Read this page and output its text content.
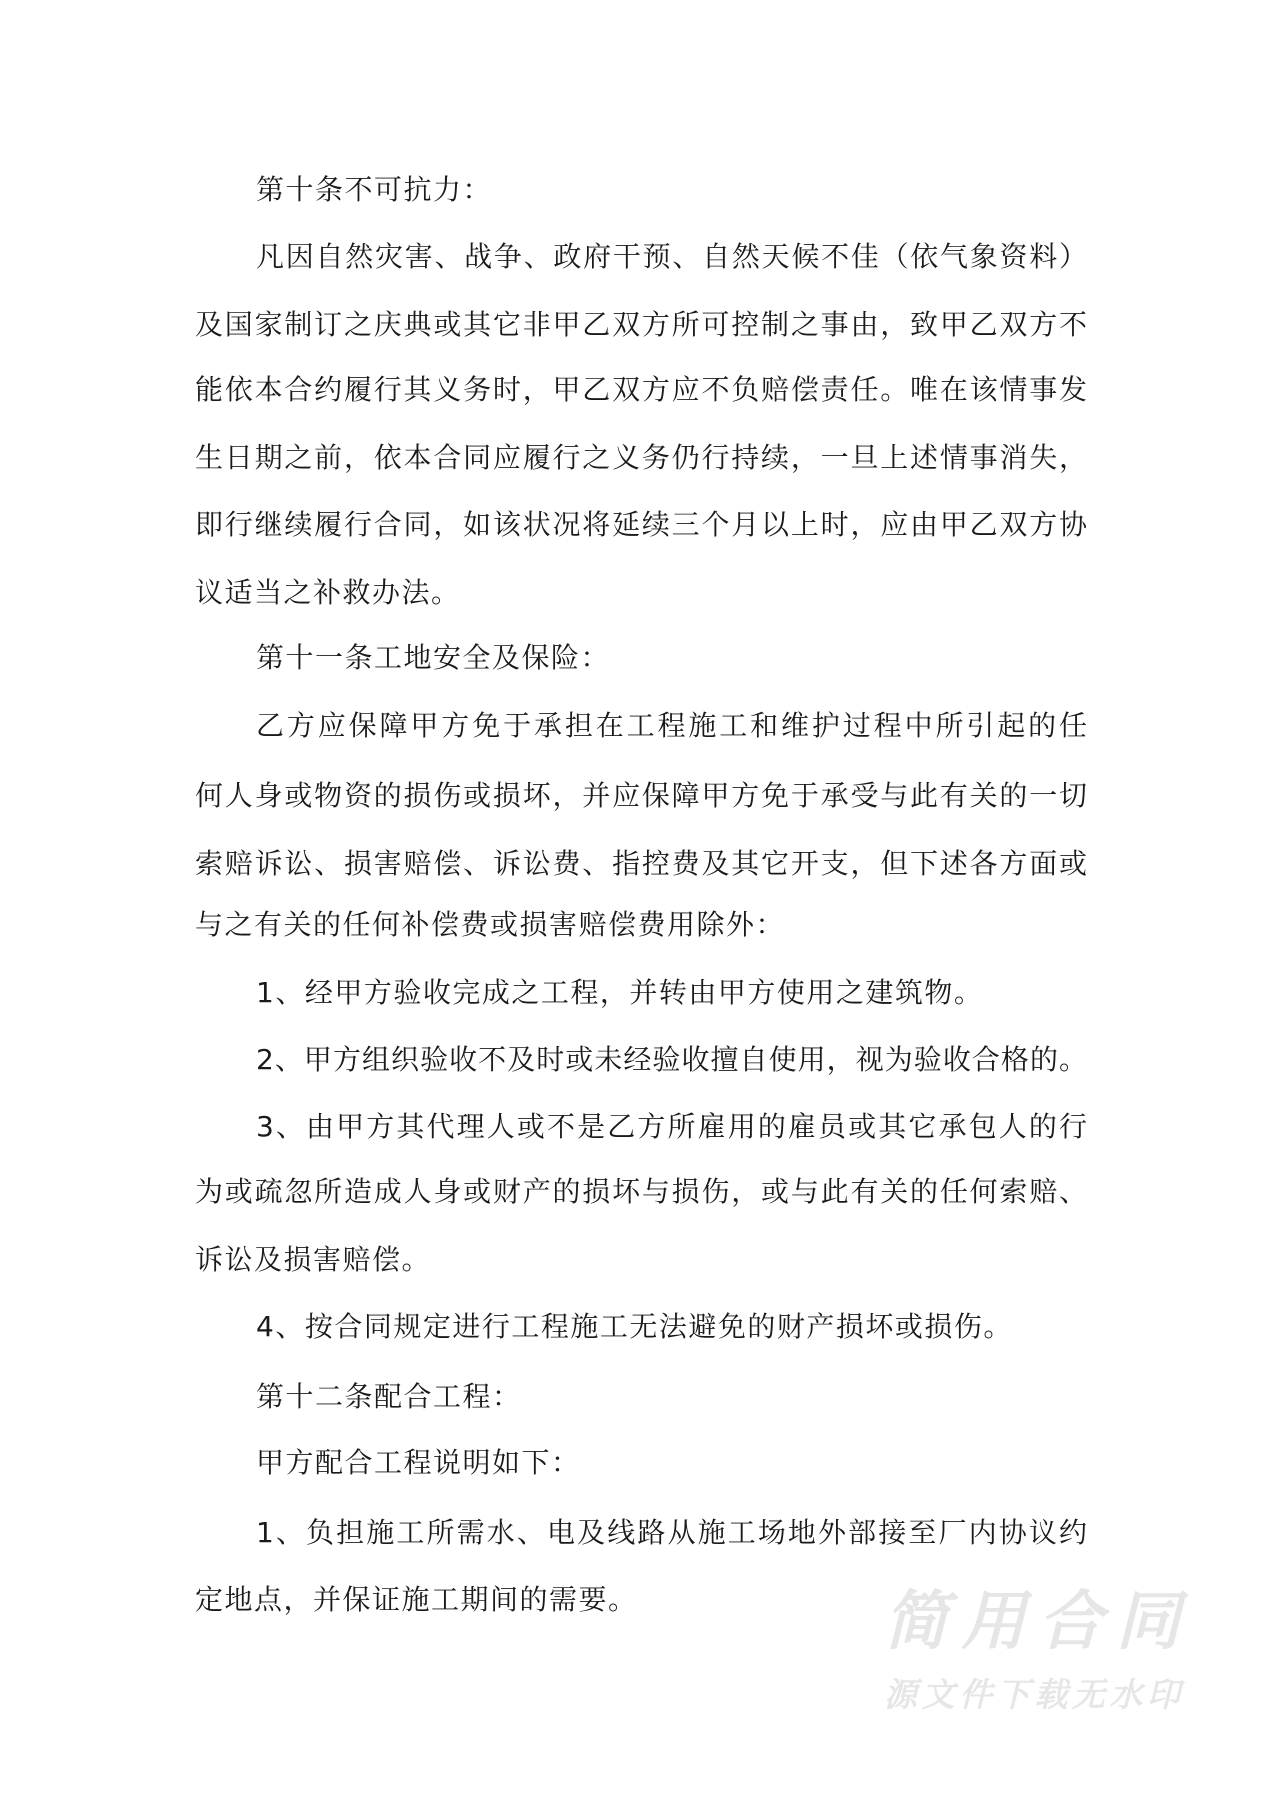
第十条不可抗力：
凡因自然灾害、战争、政府干预、自然天候不佳（依气象资料）
及国家制订之庆典或其它非甲乙双方所可控制之事由，致甲乙双方不
能依本合约履行其义务时，甲乙双方应不负赔偿责任。唯在该情事发
生日期之前，依本合同应履行之义务仍行持续，一旦上述情事消失，
即行继续履行合同，如该状况将延续三个月以上时，应由甲乙双方协
议适当之补救办法。
第十一条工地安全及保险：
乙方应保障甲方免于承担在工程施工和维护过程中所引起的任
何人身或物资的损伤或损坏，并应保障甲方免于承受与此有关的一切
索赔诉讼、损害赔偿、诉讼费、指控费及其它开支，但下述各方面或
与之有关的任何补偿费或损害赔偿费用除外：
1、经甲方验收完成之工程，并转由甲方使用之建筑物。
2、甲方组织验收不及时或未经验收擅自使用，视为验收合格的。
3、由甲方其代理人或不是乙方所雇用的雇员或其它承包人的行
为或疏忽所造成人身或财产的损坏与损伤，或与此有关的任何索赔、
诉讼及损害赔偿。
4、按合同规定进行工程施工无法避免的财产损坏或损伤。
第十二条配合工程：
甲方配合工程说明如下：
1、负担施工所需水、电及线路从施工场地外部接至厂内协议约
定地点，并保证施工期间的需要。	简用合同
源文件下载无水印
